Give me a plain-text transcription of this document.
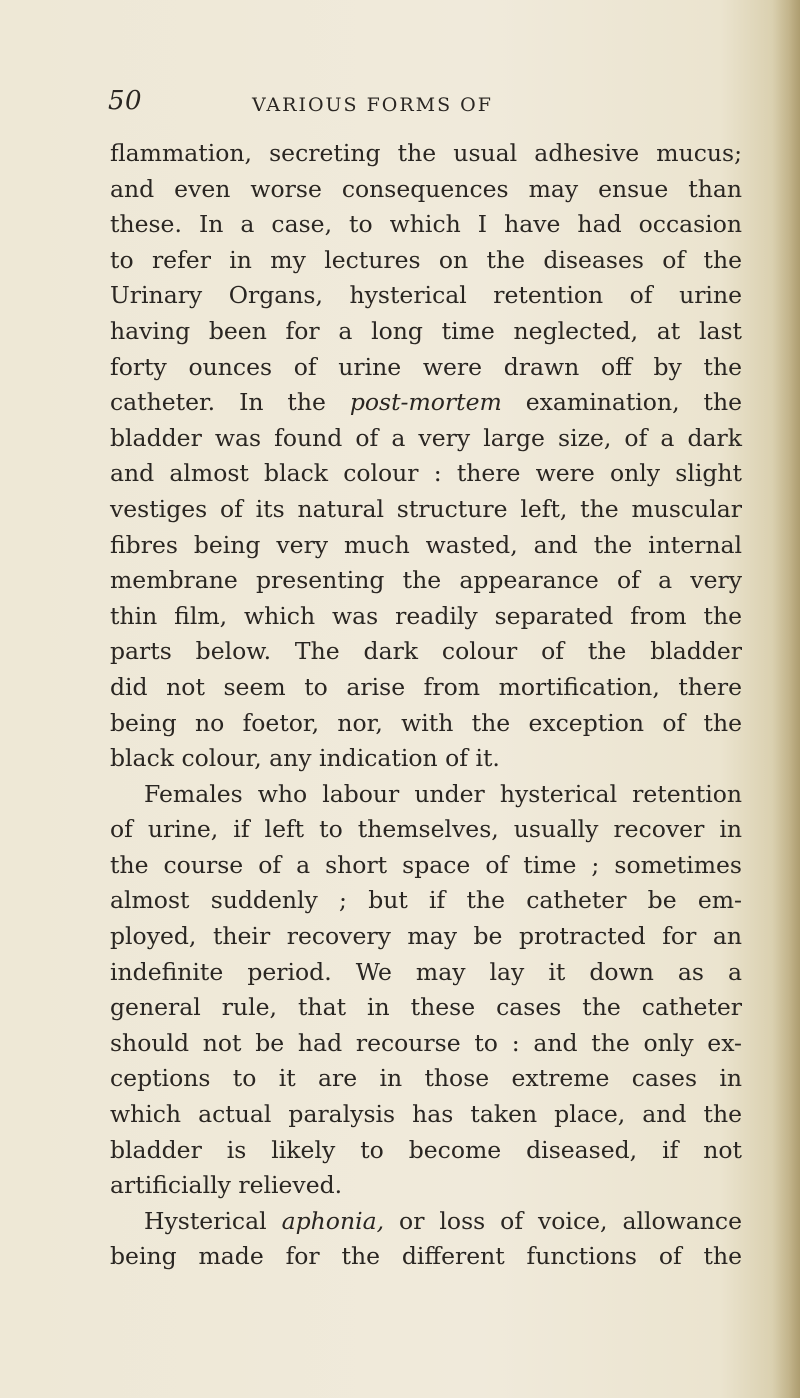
50	VARIOUS FORMS OF
flammation, secreting the usual adhesive mucus;
and even worse consequences may ensue than
these. In a case, to which I have had occasion
to refer in my lectures on the diseases of the
Urinary Organs, hysterical retention of urine
having been for a long time neglected, at last
forty ounces of urine were drawn off by the
catheter. In the post-mortem examination, the
bladder was found of a very large size, of a dark
and almost black colour : there were only slight
vestiges of its natural structure left, the muscular
fibres being very much wasted, and the internal
membrane presenting the appearance of a very
thin film, which was readily separated from the
parts below. The dark colour of the bladder
did not seem to arise from mortification, there
being no foetor, nor, with the exception of the
black colour, any indication of it.
Females who labour under hysterical retention
of urine, if left to themselves, usually recover in
the course of a short space of time ; sometimes
almost suddenly ; but if the catheter be em-
ployed, their recovery may be protracted for an
indefinite period. We may lay it down as a
general rule, that in these cases the catheter
should not be had recourse to : and the only ex-
ceptions to it are in those extreme cases in
which actual paralysis has taken place, and the
bladder is likely to become diseased, if not
artificially relieved.
Hysterical aphonia, or loss of voice, allowance
being made for the different functions of the
